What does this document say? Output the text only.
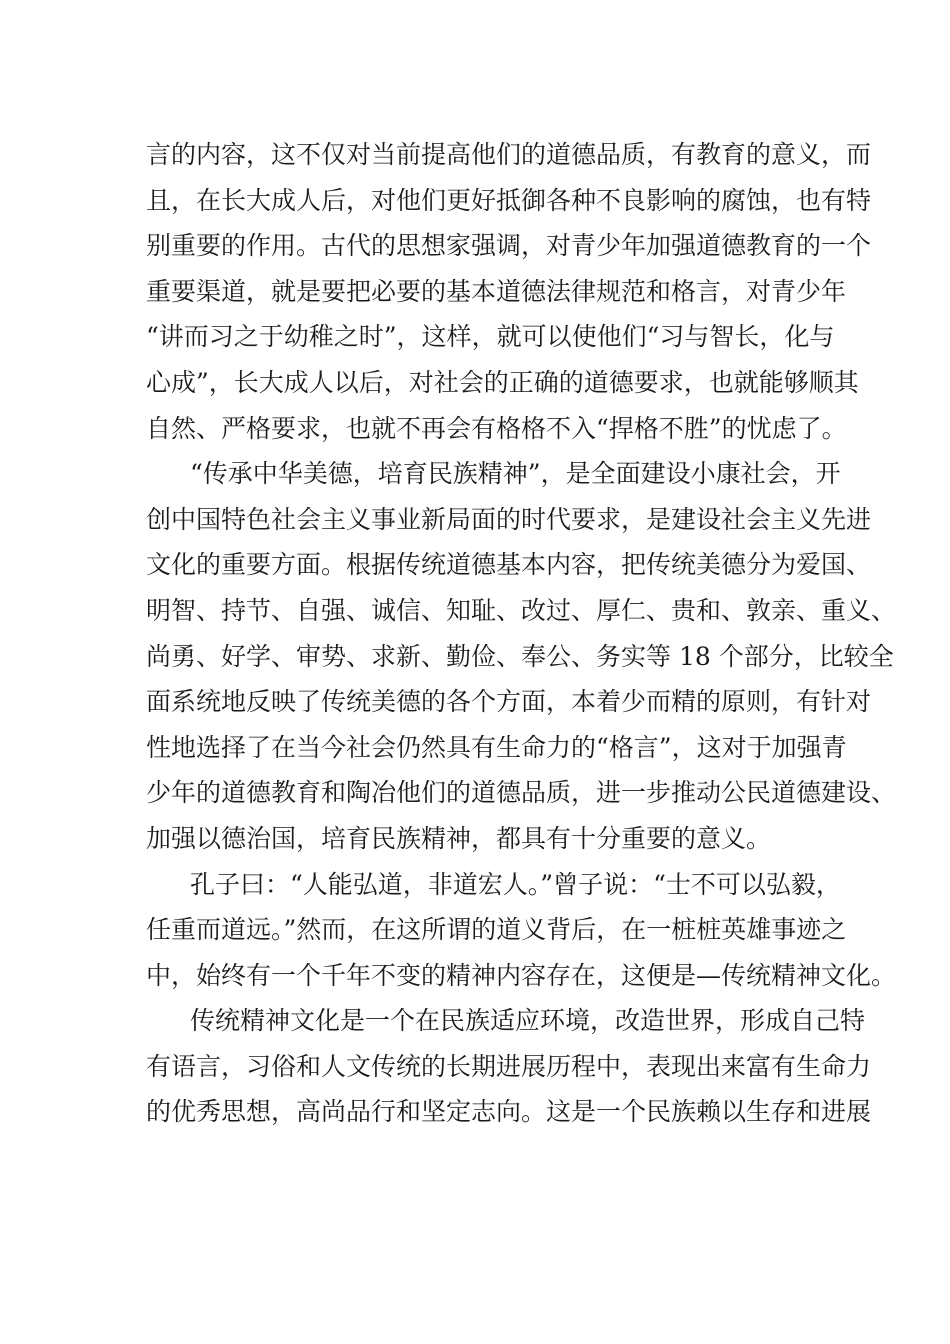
言的内容，这不仅对当前提高他们的道德品质，有教育的意义，而
且，在长大成人后，对他们更好抵御各种不良影响的腐蚀，也有特
别重要的作用。古代的思想家强调，对青少年加强道德教育的一个
重要渠道，就是要把必要的基本道德法律规范和格言，对青少年
“讲而习之于幼稚之时”，这样，就可以使他们“习与智长，化与
心成”，长大成人以后，对社会的正确的道德要求，也就能够顺其
自然、严格要求，也就不再会有格格不入“捍格不胜”的忧虑了。
“传承中华美德，培育民族精神”，是全面建设小康社会，开
创中国特色社会主义事业新局面的时代要求，是建设社会主义先进
文化的重要方面。根据传统道德基本内容，把传统美德分为爱国、
明智、持节、自强、诚信、知耻、改过、厚仁、贵和、敦亲、重义、
尚勇、好学、审势、求新、勤俭、奉公、务实等 18 个部分，比较全
面系统地反映了传统美德的各个方面，本着少而精的原则，有针对
性地选择了在当今社会仍然具有生命力的“格言”，这对于加强青
少年的道德教育和陶冶他们的道德品质，进一步推动公民道德建设、
加强以德治国，培育民族精神，都具有十分重要的意义。
孔子曰：“人能弘道，非道宏人。”曾子说：“士不可以弘毅，
任重而道远。”然而，在这所谓的道义背后，在一桩桩英雄事迹之
中，始终有一个千年不变的精神内容存在，这便是—传统精神文化。
传统精神文化是一个在民族适应环境，改造世界，形成自己特
有语言，习俗和人文传统的长期进展历程中，表现出来富有生命力
的优秀思想，高尚品行和坚定志向。这是一个民族赖以生存和进展
